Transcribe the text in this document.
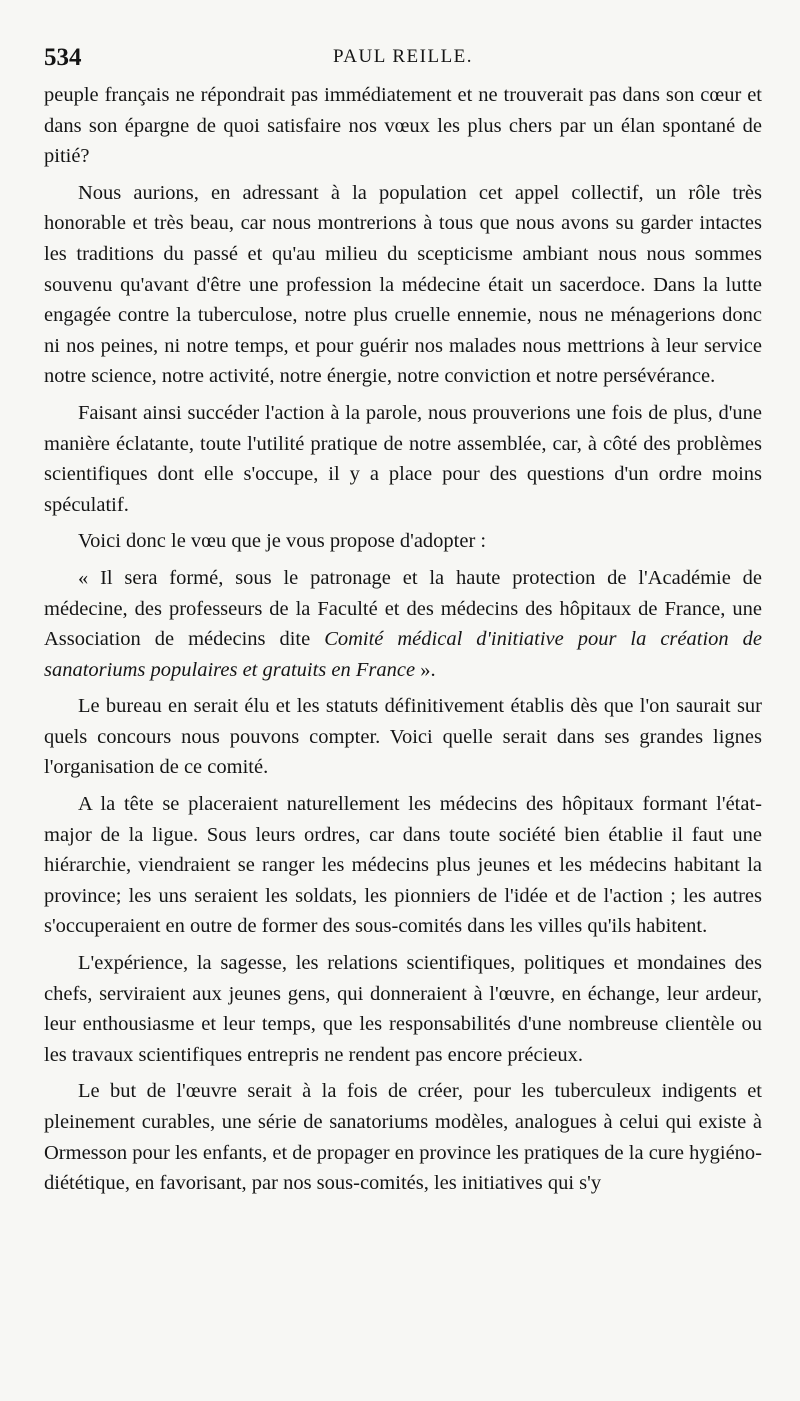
534	PAUL REILLE.

peuple français ne répondrait pas immédiatement et ne trouverait pas dans son cœur et dans son épargne de quoi satisfaire nos vœux les plus chers par un élan spontané de pitié?

Nous aurions, en adressant à la population cet appel collectif, un rôle très honorable et très beau, car nous montrerions à tous que nous avons su garder intactes les traditions du passé et qu'au milieu du scepticisme ambiant nous nous sommes souvenu qu'avant d'être une profession la médecine était un sacerdoce. Dans la lutte engagée contre la tuberculose, notre plus cruelle ennemie, nous ne ménagerions donc ni nos peines, ni notre temps, et pour guérir nos malades nous mettrions à leur service notre science, notre activité, notre énergie, notre conviction et notre persévérance.

Faisant ainsi succéder l'action à la parole, nous prouverions une fois de plus, d'une manière éclatante, toute l'utilité pratique de notre assemblée, car, à côté des problèmes scientifiques dont elle s'occupe, il y a place pour des questions d'un ordre moins spéculatif.

Voici donc le vœu que je vous propose d'adopter :

« Il sera formé, sous le patronage et la haute protection de l'Académie de médecine, des professeurs de la Faculté et des médecins des hôpitaux de France, une Association de médecins dite Comité médical d'initiative pour la création de sanatoriums populaires et gratuits en France ».

Le bureau en serait élu et les statuts définitivement établis dès que l'on saurait sur quels concours nous pouvons compter. Voici quelle serait dans ses grandes lignes l'organisation de ce comité.

A la tête se placeraient naturellement les médecins des hôpitaux formant l'état-major de la ligue. Sous leurs ordres, car dans toute société bien établie il faut une hiérarchie, viendraient se ranger les médecins plus jeunes et les médecins habitant la province; les uns seraient les soldats, les pionniers de l'idée et de l'action ; les autres s'occuperaient en outre de former des sous-comités dans les villes qu'ils habitent.

L'expérience, la sagesse, les relations scientifiques, politiques et mondaines des chefs, serviraient aux jeunes gens, qui donneraient à l'œuvre, en échange, leur ardeur, leur enthousiasme et leur temps, que les responsabilités d'une nombreuse clientèle ou les travaux scientifiques entrepris ne rendent pas encore précieux.

Le but de l'œuvre serait à la fois de créer, pour les tuberculeux indigents et pleinement curables, une série de sanatoriums modèles, analogues à celui qui existe à Ormesson pour les enfants, et de propager en province les pratiques de la cure hygiéno-diététique, en favorisant, par nos sous-comités, les initiatives qui s'y
